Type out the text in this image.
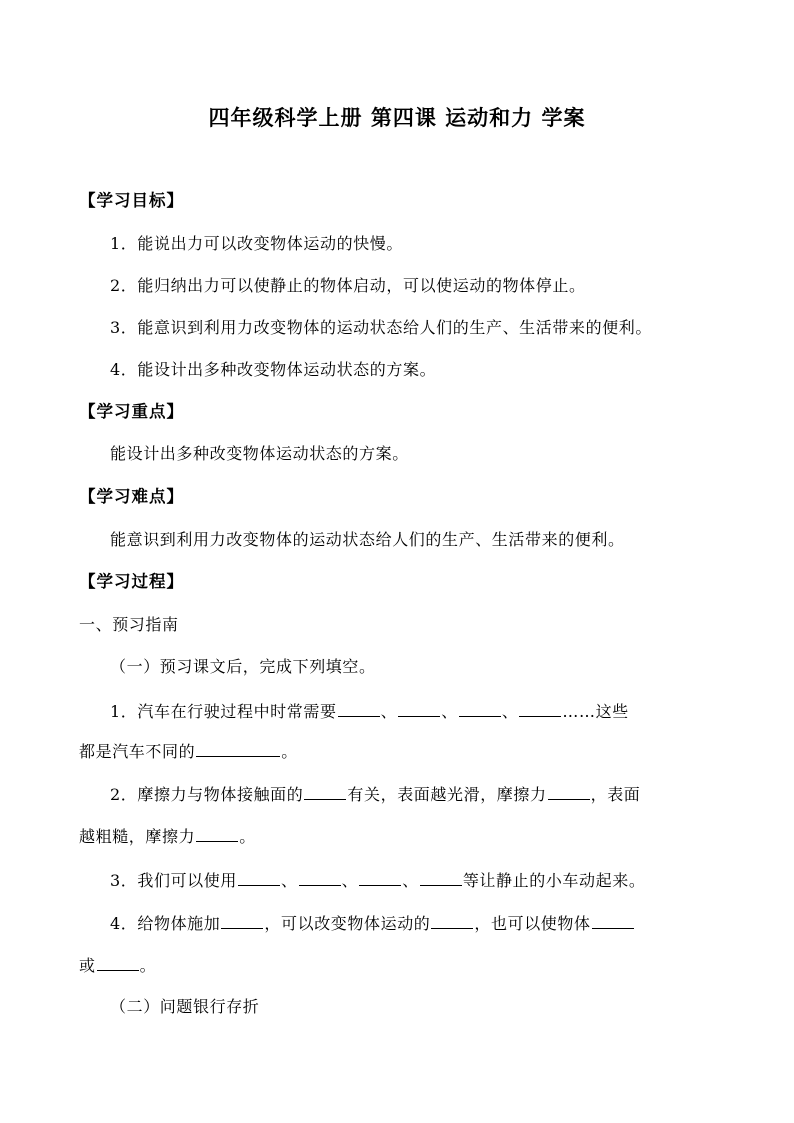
四年级科学上册 第四课 运动和力 学案
【学习目标】
1．能说出力可以改变物体运动的快慢。
2．能归纳出力可以使静止的物体启动，可以使运动的物体停止。
3．能意识到利用力改变物体的运动状态给人们的生产、生活带来的便利。
4．能设计出多种改变物体运动状态的方案。
【学习重点】
能设计出多种改变物体运动状态的方案。
【学习难点】
能意识到利用力改变物体的运动状态给人们的生产、生活带来的便利。
【学习过程】
一、预习指南
（一）预习课文后，完成下列填空。
1．汽车在行驶过程中时常需要	、	、	、	……这些
都是汽车不同的	。
2．摩擦力与物体接触面的	有关，表面越光滑，摩擦力	，表面
越粗糙，摩擦力	。
3．我们可以使用	、	、	、	等让静止的小车动起来。
4．给物体施加	，可以改变物体运动的	，也可以使物体
或	。
（二）问题银行存折
